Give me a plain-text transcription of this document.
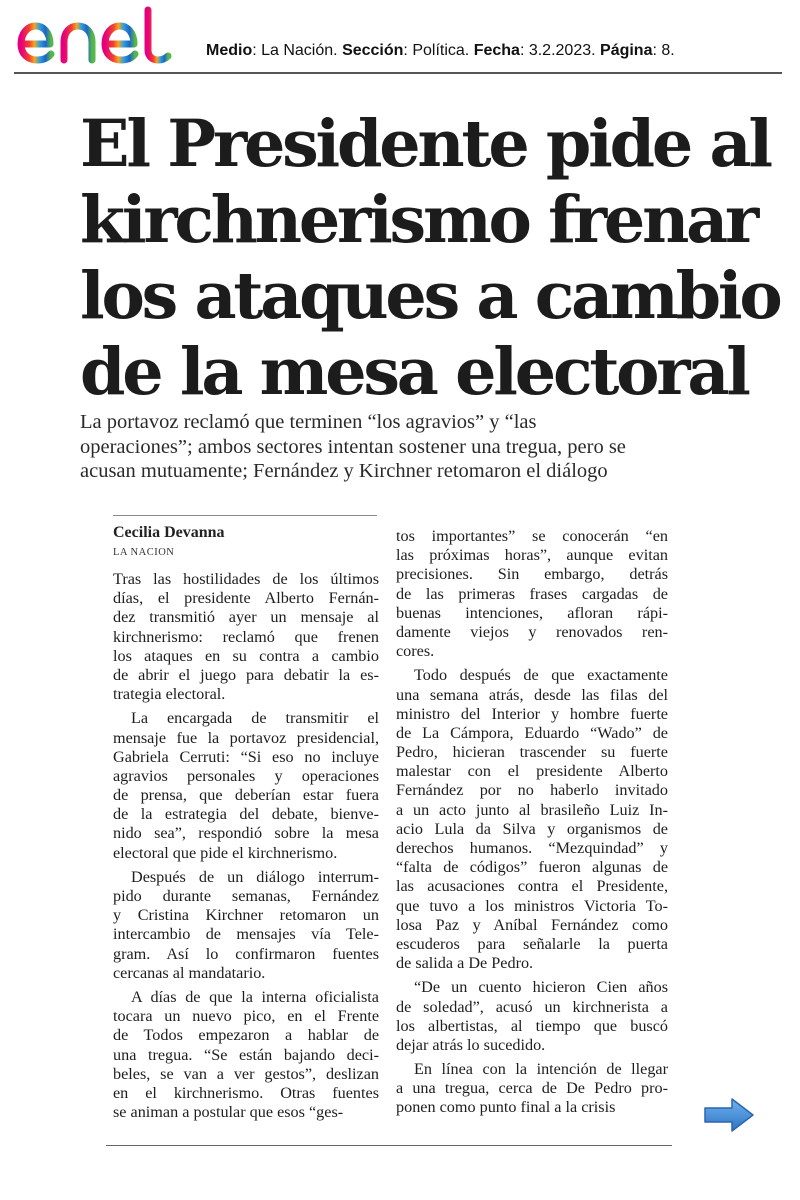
Medio: La Nación. Sección: Política. Fecha: 3.2.2023. Página: 8.
El Presidente pide al
kirchnerismo frenar
los ataques a cambio
de la mesa electoral
La portavoz reclamó que terminen “los agravios” y “las
operaciones”; ambos sectores intentan sostener una tregua, pero se
acusan mutuamente; Fernández y Kirchner retomaron el diálogo
Cecilia Devanna
LA NACION
Tras las hostilidades de los últimos
días, el presidente Alberto Fernán-
dez transmitió ayer un mensaje al
kirchnerismo: reclamó que frenen
los ataques en su contra a cambio
de abrir el juego para debatir la es-
trategia electoral.
La encargada de transmitir el
mensaje fue la portavoz presidencial,
Gabriela Cerruti: “Si eso no incluye
agravios personales y operaciones
de prensa, que deberían estar fuera
de la estrategia del debate, bienve-
nido sea”, respondió sobre la mesa
electoral que pide el kirchnerismo.
Después de un diálogo interrum-
pido durante semanas, Fernández
y Cristina Kirchner retomaron un
intercambio de mensajes vía Tele-
gram. Así lo confirmaron fuentes
cercanas al mandatario.
A días de que la interna oficialista
tocara un nuevo pico, en el Frente
de Todos empezaron a hablar de
una tregua. “Se están bajando deci-
beles, se van a ver gestos”, deslizan
en el kirchnerismo. Otras fuentes
se animan a postular que esos “ges-
tos importantes” se conocerán “en
las próximas horas”, aunque evitan
precisiones. Sin embargo, detrás
de las primeras frases cargadas de
buenas intenciones, afloran rápi-
damente viejos y renovados ren-
cores.
Todo después de que exactamente
una semana atrás, desde las filas del
ministro del Interior y hombre fuerte
de La Cámpora, Eduardo “Wado” de
Pedro, hicieran trascender su fuerte
malestar con el presidente Alberto
Fernández por no haberlo invitado
a un acto junto al brasileño Luiz In-
acio Lula da Silva y organismos de
derechos humanos. “Mezquindad” y
“falta de códigos” fueron algunas de
las acusaciones contra el Presidente,
que tuvo a los ministros Victoria To-
losa Paz y Aníbal Fernández como
escuderos para señalarle la puerta
de salida a De Pedro.
“De un cuento hicieron Cien años
de soledad”, acusó un kirchnerista a
los albertistas, al tiempo que buscó
dejar atrás lo sucedido.
En línea con la intención de llegar
a una tregua, cerca de De Pedro pro-
ponen como punto final a la crisis
